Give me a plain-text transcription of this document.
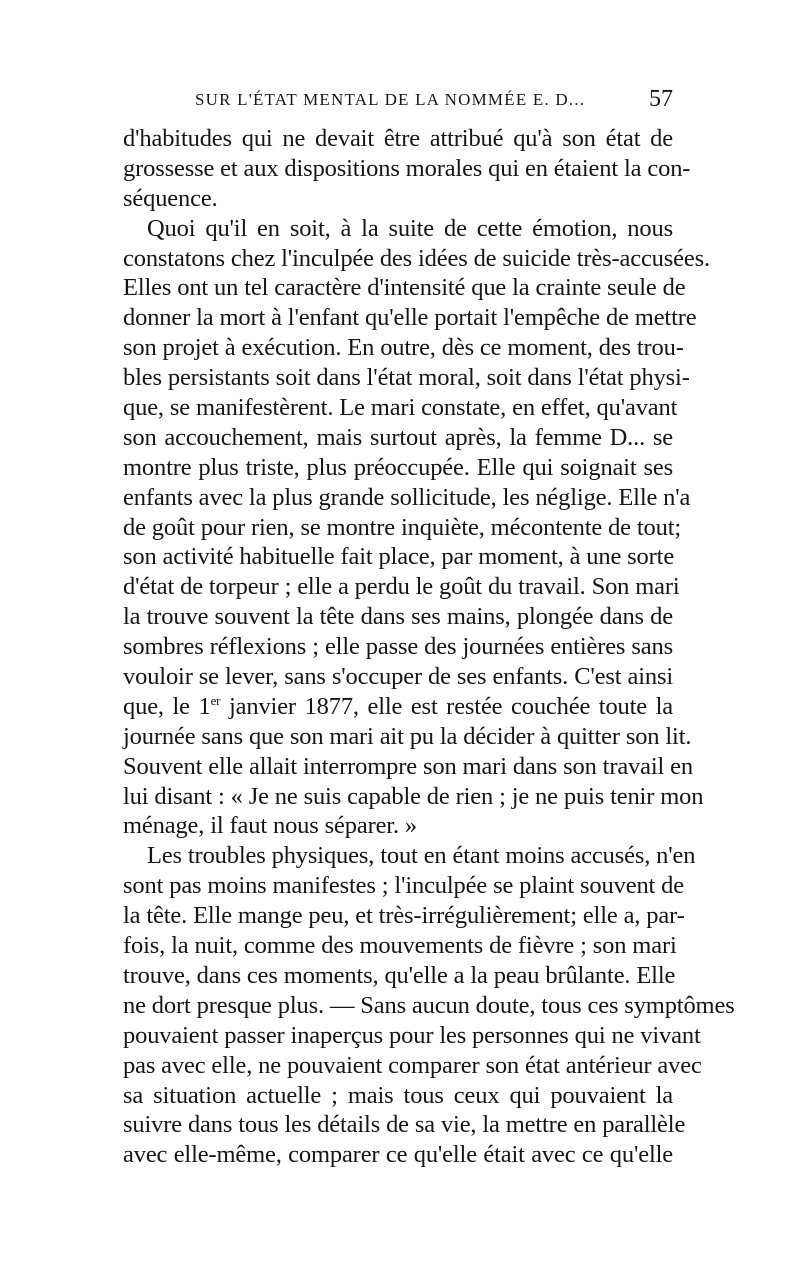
SUR L'ÉTAT MENTAL DE LA NOMMÉE E. D...	57
d'habitudes qui ne devait être attribué qu'à son état de
grossesse et aux dispositions morales qui en étaient la con-
séquence.
Quoi qu'il en soit, à la suite de cette émotion, nous
constatons chez l'inculpée des idées de suicide très-accusées.
Elles ont un tel caractère d'intensité que la crainte seule de
donner la mort à l'enfant qu'elle portait l'empêche de mettre
son projet à exécution. En outre, dès ce moment, des trou-
bles persistants soit dans l'état moral, soit dans l'état physi-
que, se manifestèrent. Le mari constate, en effet, qu'avant
son accouchement, mais surtout après, la femme D... se
montre plus triste, plus préoccupée. Elle qui soignait ses
enfants avec la plus grande sollicitude, les néglige. Elle n'a
de goût pour rien, se montre inquiète, mécontente de tout;
son activité habituelle fait place, par moment, à une sorte
d'état de torpeur ; elle a perdu le goût du travail. Son mari
la trouve souvent la tête dans ses mains, plongée dans de
sombres réflexions ; elle passe des journées entières sans
vouloir se lever, sans s'occuper de ses enfants. C'est ainsi
que, le 1er janvier 1877, elle est restée couchée toute la
journée sans que son mari ait pu la décider à quitter son lit.
Souvent elle allait interrompre son mari dans son travail en
lui disant : « Je ne suis capable de rien ; je ne puis tenir mon
ménage, il faut nous séparer. »
Les troubles physiques, tout en étant moins accusés, n'en
sont pas moins manifestes ; l'inculpée se plaint souvent de
la tête. Elle mange peu, et très-irrégulièrement; elle a, par-
fois, la nuit, comme des mouvements de fièvre ; son mari
trouve, dans ces moments, qu'elle a la peau brûlante. Elle
ne dort presque plus. — Sans aucun doute, tous ces symptômes
pouvaient passer inaperçus pour les personnes qui ne vivant
pas avec elle, ne pouvaient comparer son état antérieur avec
sa situation actuelle ; mais tous ceux qui pouvaient la
suivre dans tous les détails de sa vie, la mettre en parallèle
avec elle-même, comparer ce qu'elle était avec ce qu'elle
